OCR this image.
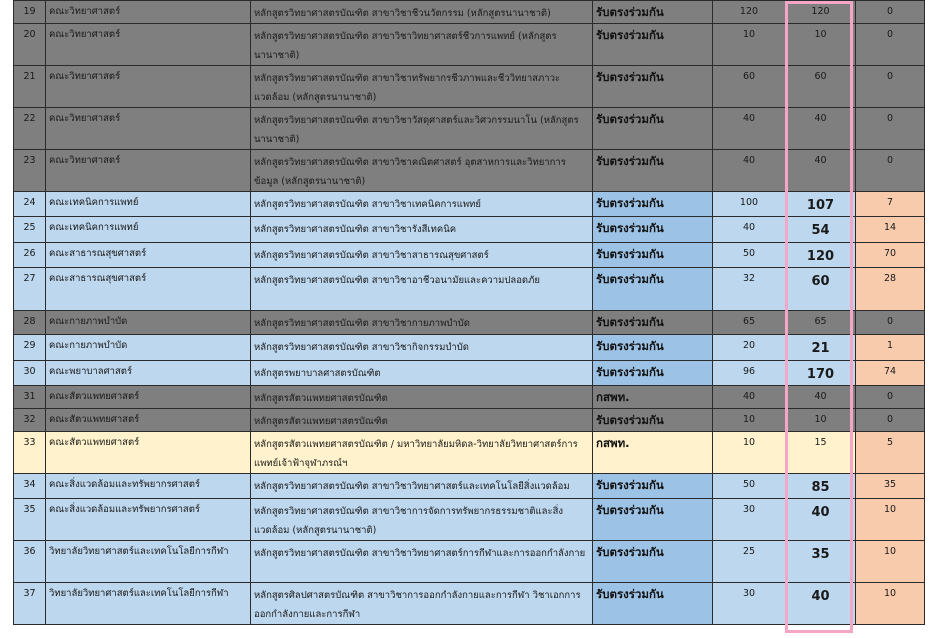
19	คณะวิทยาศาสตร์	หลักสูตรวิทยาศาสตรบัณฑิต สาขาวิชาชีวนวัตกรรม (หลักสูตรนานาชาติ)	รับตรงร่วมกัน	120	120	0
20	คณะวิทยาศาสตร์	หลักสูตรวิทยาศาสตรบัณฑิต สาขาวิชาวิทยาศาสตร์ชีวการแพทย์ (หลักสูตรนานาชาติ)	รับตรงร่วมกัน	10	10	0
21	คณะวิทยาศาสตร์	หลักสูตรวิทยาศาสตรบัณฑิต สาขาวิชาทรัพยากรชีวภาพและชีววิทยาสภาวะแวดล้อม (หลักสูตรนานาชาติ)	รับตรงร่วมกัน	60	60	0
22	คณะวิทยาศาสตร์	หลักสูตรวิทยาศาสตรบัณฑิต สาขาวิชาวัสดุศาสตร์และวิศวกรรมนาโน (หลักสูตรนานาชาติ)	รับตรงร่วมกัน	40	40	0
23	คณะวิทยาศาสตร์	หลักสูตรวิทยาศาสตรบัณฑิต สาขาวิชาคณิตศาสตร์ อุตสาหการและวิทยาการข้อมูล (หลักสูตรนานาชาติ)	รับตรงร่วมกัน	40	40	0
24	คณะเทคนิคการแพทย์	หลักสูตรวิทยาศาสตรบัณฑิต สาขาวิชาเทคนิคการแพทย์	รับตรงร่วมกัน	100	107	7
25	คณะเทคนิคการแพทย์	หลักสูตรวิทยาศาสตรบัณฑิต สาขาวิชารังสีเทคนิค	รับตรงร่วมกัน	40	54	14
26	คณะสาธารณสุขศาสตร์	หลักสูตรวิทยาศาสตรบัณฑิต สาขาวิชาสาธารณสุขศาสตร์	รับตรงร่วมกัน	50	120	70
27	คณะสาธารณสุขศาสตร์	หลักสูตรวิทยาศาสตรบัณฑิต สาขาวิชาอาชีวอนามัยและความปลอดภัย	รับตรงร่วมกัน	32	60	28
28	คณะกายภาพบำบัด	หลักสูตรวิทยาศาสตรบัณฑิต สาขาวิชากายภาพบำบัด	รับตรงร่วมกัน	65	65	0
29	คณะกายภาพบำบัด	หลักสูตรวิทยาศาสตรบัณฑิต สาขาวิชากิจกรรมบำบัด	รับตรงร่วมกัน	20	21	1
30	คณะพยาบาลศาสตร์	หลักสูตรพยาบาลศาสตรบัณฑิต	รับตรงร่วมกัน	96	170	74
31	คณะสัตวแพทยศาสตร์	หลักสูตรสัตวแพทยศาสตรบัณฑิต	กสพท.	40	40	0
32	คณะสัตวแพทยศาสตร์	หลักสูตรสัตวแพทยศาสตรบัณฑิต	รับตรงร่วมกัน	10	10	0
33	คณะสัตวแพทยศาสตร์	หลักสูตรสัตวแพทยศาสตรบัณฑิต / มหาวิทยาลัยมหิดล-วิทยาลัยวิทยาศาสตร์การแพทย์เจ้าฟ้าจุฬาภรณ์ฯ	กสพท.	10	15	5
34	คณะสิ่งแวดล้อมและทรัพยากรศาสตร์	หลักสูตรวิทยาศาสตรบัณฑิต สาขาวิชาวิทยาศาสตร์และเทคโนโลยีสิ่งแวดล้อม	รับตรงร่วมกัน	50	85	35
35	คณะสิ่งแวดล้อมและทรัพยากรศาสตร์	หลักสูตรวิทยาศาสตรบัณฑิต สาขาวิชาการจัดการทรัพยากรธรรมชาติและสิ่งแวดล้อม (หลักสูตรนานาชาติ)	รับตรงร่วมกัน	30	40	10
36	วิทยาลัยวิทยาศาสตร์และเทคโนโลยีการกีฬา	หลักสูตรวิทยาศาสตรบัณฑิต สาขาวิชาวิทยาศาสตร์การกีฬาและการออกกำลังกาย	รับตรงร่วมกัน	25	35	10
37	วิทยาลัยวิทยาศาสตร์และเทคโนโลยีการกีฬา	หลักสูตรศิลปศาสตรบัณฑิต สาขาวิชาการออกกำลังกายและการกีฬา วิชาเอกการออกกำลังกายและการกีฬา	รับตรงร่วมกัน	30	40	10
